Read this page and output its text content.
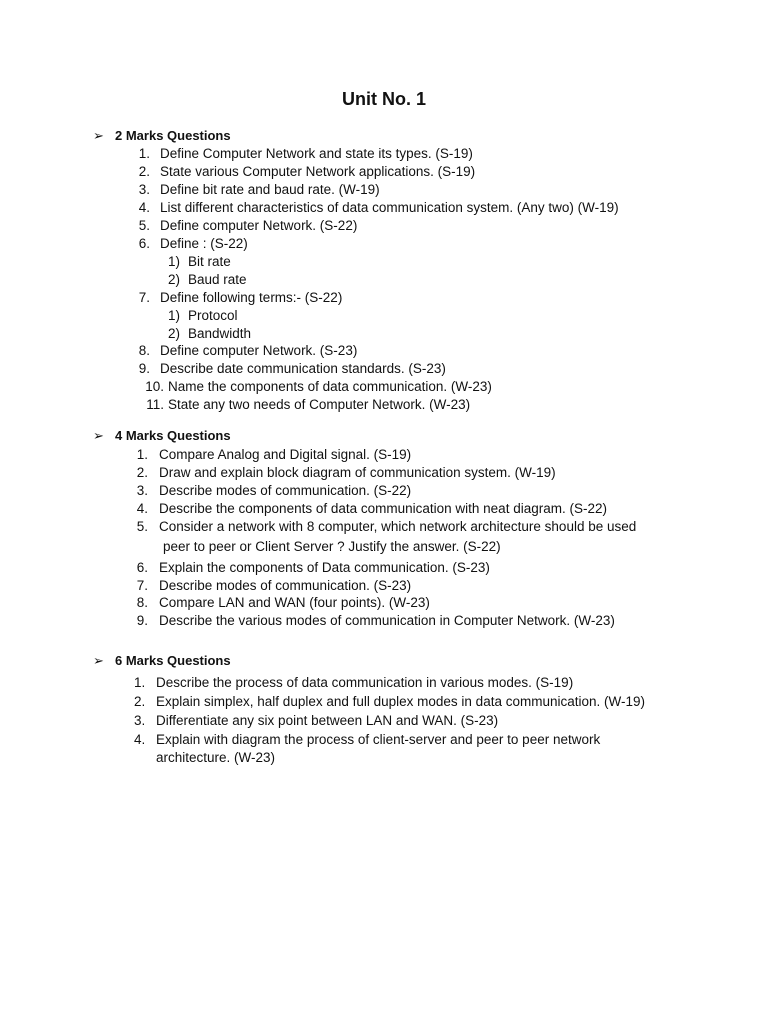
Unit No. 1
➢ 2 Marks Questions
1. Define Computer Network and state its types. (S-19)
2. State various Computer Network applications. (S-19)
3. Define bit rate and baud rate. (W-19)
4. List different characteristics of data communication system. (Any two) (W-19)
5. Define computer Network. (S-22)
6. Define : (S-22)
1) Bit rate
2) Baud rate
7. Define following terms:- (S-22)
1) Protocol
2) Bandwidth
8. Define computer Network. (S-23)
9. Describe date communication standards. (S-23)
10. Name the components of data communication. (W-23)
11. State any two needs of Computer Network. (W-23)
➢ 4 Marks Questions
1. Compare Analog and Digital signal. (S-19)
2. Draw and explain block diagram of communication system. (W-19)
3. Describe modes of communication. (S-22)
4. Describe the components of data communication with neat diagram. (S-22)
5. Consider a network with 8 computer, which network architecture should be used
peer to peer or Client Server ? Justify the answer. (S-22)
6. Explain the components of Data communication. (S-23)
7. Describe modes of communication. (S-23)
8. Compare LAN and WAN (four points). (W-23)
9. Describe the various modes of communication in Computer Network. (W-23)
➢ 6 Marks Questions
1. Describe the process of data communication in various modes. (S-19)
2. Explain simplex, half duplex and full duplex modes in data communication. (W-19)
3. Differentiate any six point between LAN and WAN. (S-23)
4. Explain with diagram the process of client-server and peer to peer network
architecture. (W-23)
